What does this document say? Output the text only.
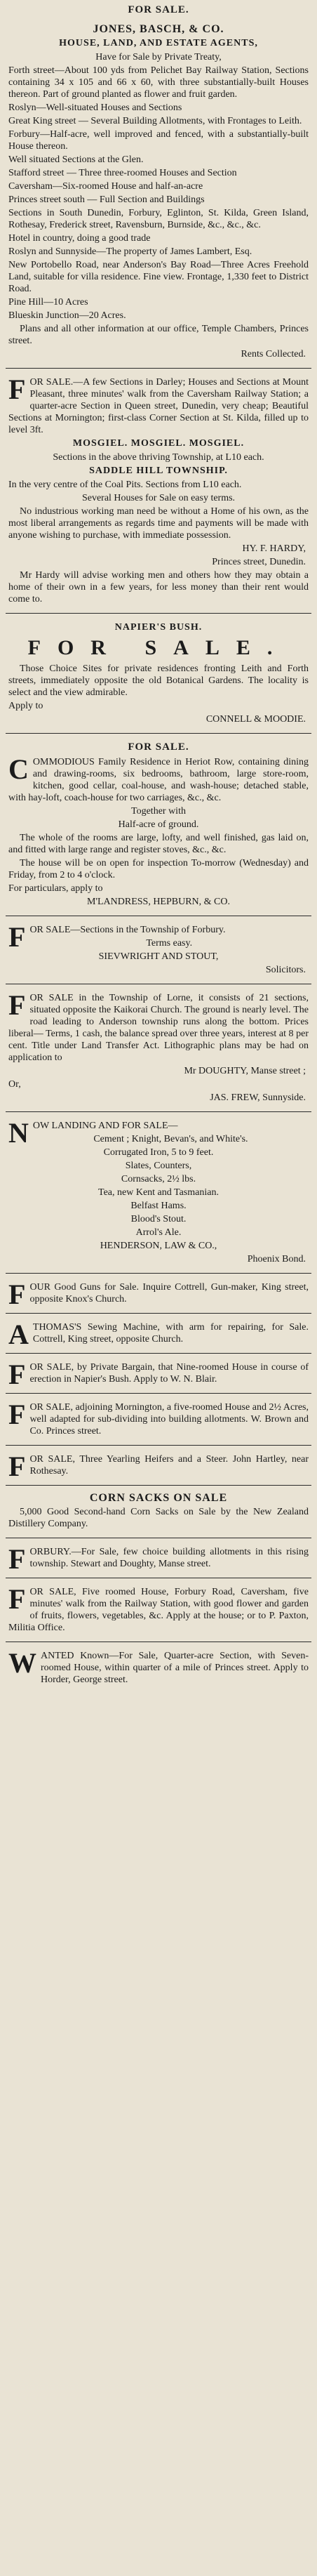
FOR SALE.
JONES, BASCH, & CO.
HOUSE, LAND, AND ESTATE AGENTS,
Have for Sale by Private Treaty,
Forth street—About 100 yds from Pelichet Bay Railway Station, Sections containing 34 x 105 and 66 x 60, with three substantially-built Houses thereon. Part of ground planted as flower and fruit garden.
Roslyn—Well-situated Houses and Sections
Great King street — Several Building Allotments, with Frontages to Leith.
Forbury—Half-acre, well improved and fenced, with a substantially-built House thereon.
Well situated Sections at the Glen.
Stafford street — Three three-roomed Houses and Section
Caversham—Six-roomed House and half-an-acre
Princes street south — Full Section and Buildings
Sections in South Dunedin, Forbury, Eglinton, St. Kilda, Green Island, Rothesay, Frederick street, Ravensburn, Burnside, &c., &c., &c.
Hotel in country, doing a good trade
Roslyn and Sunnyside—The property of James Lambert, Esq.
New Portobello Road, near Anderson's Bay Road—Three Acres Freehold Land, suitable for villa residence. Fine view. Frontage, 1,330 feet to District Road.
Pine Hill—10 Acres
Blueskin Junction—20 Acres.
Plans and all other information at our office, Temple Chambers, Princes street.
Rents Collected.
FOR SALE.—A few Sections in Darley; Houses and Sections at Mount Pleasant, three minutes' walk from the Caversham Railway Station; a quarter-acre Section in Queen street, Dunedin, very cheap; Beautiful Sections at Mornington; first-class Corner Section at St. Kilda, filled up to level 3ft.
MOSGIEL. MOSGIEL. MOSGIEL.
Sections in the above thriving Township, at L10 each.
SADDLE HILL TOWNSHIP.
In the very centre of the Coal Pits. Sections from L10 each.
Several Houses for Sale on easy terms.
No industrious working man need be without a Home of his own, as the most liberal arrangements as regards time and payments will be made with anyone wishing to purchase, with immediate possession.
HY. F. HARDY,
Princes street, Dunedin.
Mr Hardy will advise working men and others how they may obtain a home of their own in a few years, for less money than their rent would come to.
NAPIER'S BUSH.
FOR SALE.
Those Choice Sites for private residences fronting Leith and Forth streets, immediately opposite the old Botanical Gardens. The locality is select and the view admirable.
Apply to
CONNELL & MOODIE.
FOR SALE.
COMMODIOUS Family Residence in Heriot Row, containing dining and drawing-rooms, six bedrooms, bathroom, large store-room, kitchen, good cellar, coal-house, and wash-house; detached stable, with hay-loft, coach-house for two carriages, &c., &c.
Together with
Half-acre of ground.
The whole of the rooms are large, lofty, and well finished, gas laid on, and fitted with large range and register stoves, &c., &c.
The house will be on open for inspection To-morrow (Wednesday) and Friday, from 2 to 4 o'clock.
For particulars, apply to
M'LANDRESS, HEPBURN, & CO.
FOR SALE—Sections in the Township of Forbury.
Terms easy.
SIEVWRIGHT AND STOUT,
Solicitors.
FOR SALE in the Township of Lorne, it consists of 21 sections, situated opposite the Kaikorai Church. The ground is nearly level. The road leading to Anderson township runs along the bottom. Prices liberal— Terms, 1 cash, the balance spread over three years, interest at 8 per cent. Title under Land Transfer Act. Lithographic plans may be had on application to
Mr DOUGHTY, Manse street ;
Or,
JAS. FREW, Sunnyside.
NOW LANDING AND FOR SALE—
Cement ; Knight, Bevan's, and White's.
Corrugated Iron, 5 to 9 feet.
Slates, Counters,
Cornsacks, 2½ lbs.
Tea, new Kent and Tasmanian.
Belfast Hams.
Blood's Stout.
Arrol's Ale.
HENDERSON, LAW & CO.,
Phoenix Bond.
FOUR Good Guns for Sale. Inquire Cottrell, Gun-maker, King street, opposite Knox's Church.
ATHOMAS'S Sewing Machine, with arm for repairing, for Sale. Cottrell, King street, opposite Church.
FOR SALE, by Private Bargain, that Nine-roomed House in course of erection in Napier's Bush. Apply to W. N. Blair.
FOR SALE, adjoining Mornington, a five-roomed House and 2½ Acres, well adapted for sub-dividing into building allotments. W. Brown and Co. Princes street.
FOR SALE, Three Yearling Heifers and a Steer. John Hartley, near Rothesay.
CORN SACKS ON SALE
5,000 Good Second-hand Corn Sacks on Sale by the New Zealand Distillery Company.
FORBURY.—For Sale, few choice building allotments in this rising township. Stewart and Doughty, Manse street.
FOR SALE, Five roomed House, Forbury Road, Caversham, five minutes' walk from the Railway Station, with good flower and garden of fruits, flowers, vegetables, &c. Apply at the house; or to P. Paxton, Militia Office.
WANTED Known—For Sale, Quarter-acre Section, with Seven-roomed House, within quarter of a mile of Princes street. Apply to Horder, George street.
